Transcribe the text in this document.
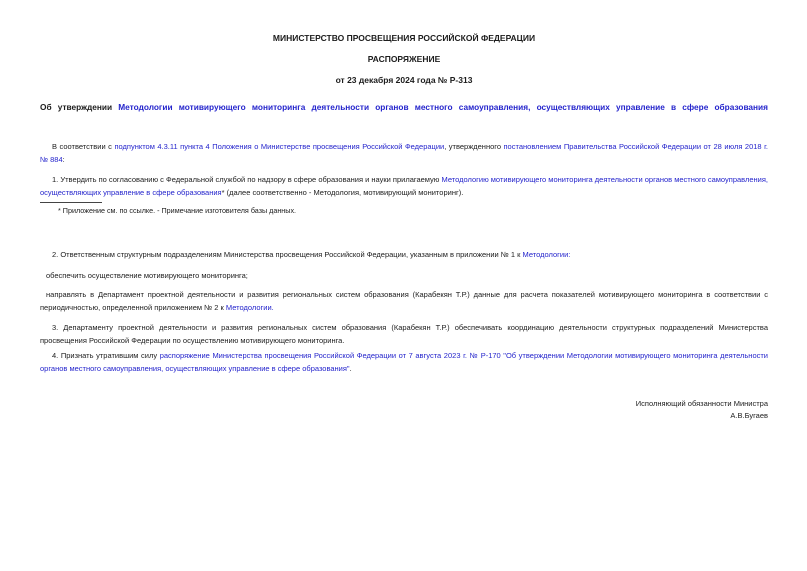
МИНИСТЕРСТВО ПРОСВЕЩЕНИЯ РОССИЙСКОЙ ФЕДЕРАЦИИ
РАСПОРЯЖЕНИЕ
от 23 декабря 2024 года № Р-313
Об утверждении Методологии мотивирующего мониторинга деятельности органов местного самоуправления, осуществляющих управление в сфере образования

В соответствии с подпунктом 4.3.11 пункта 4 Положения о Министерстве просвещения Российской Федерации, утвержденного постановлением Правительства Российской Федерации от 28 июля 2018 г. № 884:

1. Утвердить по согласованию с Федеральной службой по надзору в сфере образования и науки прилагаемую Методологию мотивирующего мониторинга деятельности органов местного самоуправления, осуществляющих управление в сфере образования* (далее соответственно - Методология, мотивирующий мониторинг).

* Приложение см. по ссылке. - Примечание изготовителя базы данных.

2. Ответственным структурным подразделениям Министерства просвещения Российской Федерации, указанным в приложении № 1 к Методологии:

обеспечить осуществление мотивирующего мониторинга;

направлять в Департамент проектной деятельности и развития региональных систем образования (Карабекян Т.Р.) данные для расчета показателей мотивирующего мониторинга в соответствии с периодичностью, определенной приложением № 2 к Методологии.

3. Департаменту проектной деятельности и развития региональных систем образования (Карабекян Т.Р.) обеспечивать координацию деятельности структурных подразделений Министерства просвещения Российской Федерации по осуществлению мотивирующего мониторинга.

4. Признать утратившим силу распоряжение Министерства просвещения Российской Федерации от 7 августа 2023 г. № Р-170 "Об утверждении Методологии мотивирующего мониторинга деятельности органов местного самоуправления, осуществляющих управление в сфере образования".

Исполняющий обязанности Министра
А.В.Бугаев
